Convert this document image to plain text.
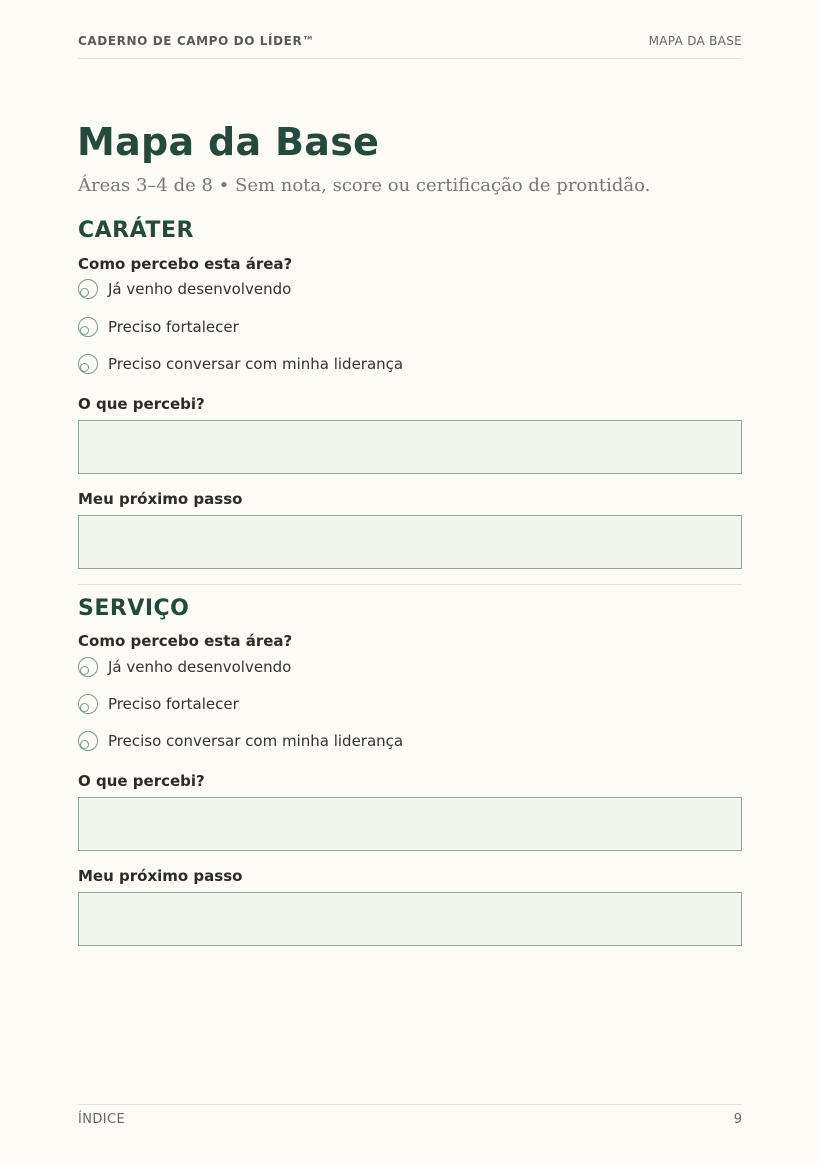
CADERNO DE CAMPO DO LÍDER™	MAPA DA BASE
Mapa da Base
Áreas 3–4 de 8 • Sem nota, score ou certificação de prontidão.
CARÁTER
Como percebo esta área?
Já venho desenvolvendo
Preciso fortalecer
Preciso conversar com minha liderança
O que percebi?
Meu próximo passo
SERVIÇO
Como percebo esta área?
Já venho desenvolvendo
Preciso fortalecer
Preciso conversar com minha liderança
O que percebi?
Meu próximo passo
ÍNDICE	9
